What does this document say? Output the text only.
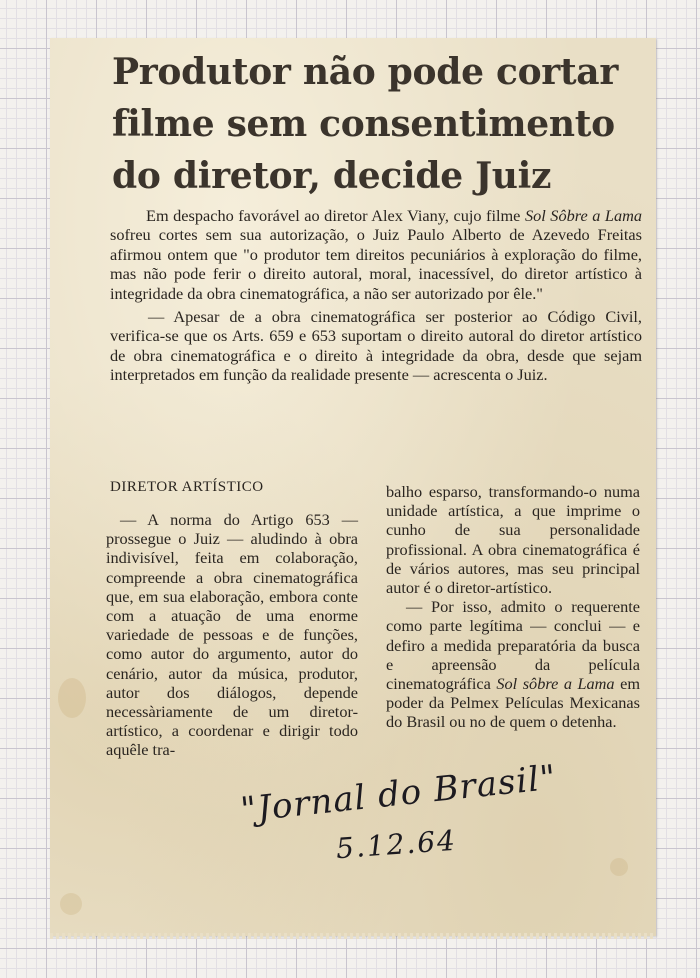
Produtor não pode cortar filme sem consentimento do diretor, decide Juiz

Em despacho favorável ao diretor Alex Viany, cujo filme Sol Sôbre a Lama sofreu cortes sem sua autorização, o Juiz Paulo Alberto de Azevedo Freitas afirmou ontem que "o produtor tem direitos pecuniários à exploração do filme, mas não pode ferir o direito autoral, moral, inacessível, do diretor artístico à integridade da obra cinematográfica, a não ser autorizado por êle."

— Apesar de a obra cinematográfica ser posterior ao Código Civil, verifica-se que os Arts. 659 e 653 suportam o direito autoral do diretor artístico de obra cinematográfica e o direito à integridade da obra, desde que sejam interpretados em função da realidade presente — acrescenta o Juiz.

DIRETOR ARTÍSTICO

— A norma do Artigo 653 — prossegue o Juiz — aludindo à obra indivisível, feita em colaboração, compreende a obra cinematográfica que, em sua elaboração, embora conte com a atuação de uma enorme variedade de pessoas e de funções, como autor do argumento, autor do cenário, autor da música, produtor, autor dos diálogos, depende necessàriamente de um diretor-artístico, a coordenar e dirigir todo aquêle tra-

balho esparso, transformando-o numa unidade artística, a que imprime o cunho de sua personalidade profissional. A obra cinematográfica é de vários autores, mas seu principal autor é o diretor-artístico.

— Por isso, admito o requerente como parte legítima — conclui — e defiro a medida preparatória da busca e apreensão da película cinematográfica Sol sôbre a Lama em poder da Pelmex Películas Mexicanas do Brasil ou no de quem o detenha.

"Jornal do Brasil"
5.12.64
